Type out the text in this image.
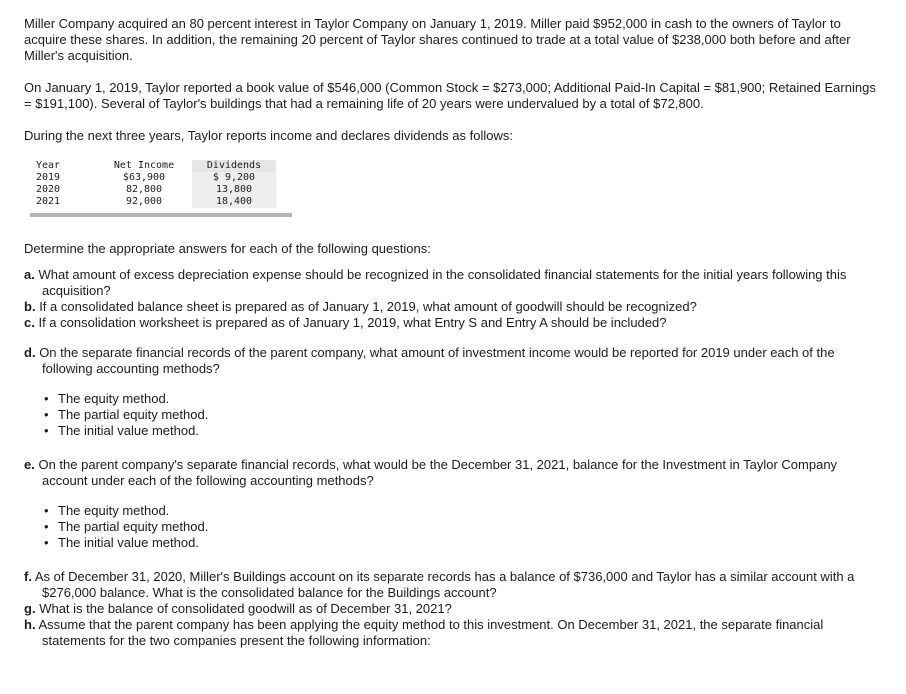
Miller Company acquired an 80 percent interest in Taylor Company on January 1, 2019. Miller paid $952,000 in cash to the owners of Taylor to acquire these shares. In addition, the remaining 20 percent of Taylor shares continued to trade at a total value of $238,000 both before and after Miller's acquisition.

On January 1, 2019, Taylor reported a book value of $546,000 (Common Stock = $273,000; Additional Paid-In Capital = $81,900; Retained Earnings = $191,100). Several of Taylor's buildings that had a remaining life of 20 years were undervalued by a total of $72,800.

During the next three years, Taylor reports income and declares dividends as follows:

Year	Net Income	Dividends
2019	$63,900	$ 9,200
2020	82,800	13,800
2021	92,000	18,400

Determine the appropriate answers for each of the following questions:

a. What amount of excess depreciation expense should be recognized in the consolidated financial statements for the initial years following this acquisition?

b. If a consolidated balance sheet is prepared as of January 1, 2019, what amount of goodwill should be recognized?

c. If a consolidation worksheet is prepared as of January 1, 2019, what Entry S and Entry A should be included?

d. On the separate financial records of the parent company, what amount of investment income would be reported for 2019 under each of the following accounting methods?

• The equity method.
• The partial equity method.
• The initial value method.

e. On the parent company's separate financial records, what would be the December 31, 2021, balance for the Investment in Taylor Company account under each of the following accounting methods?

• The equity method.
• The partial equity method.
• The initial value method.

f. As of December 31, 2020, Miller's Buildings account on its separate records has a balance of $736,000 and Taylor has a similar account with a $276,000 balance. What is the consolidated balance for the Buildings account?

g. What is the balance of consolidated goodwill as of December 31, 2021?

h. Assume that the parent company has been applying the equity method to this investment. On December 31, 2021, the separate financial statements for the two companies present the following information:
